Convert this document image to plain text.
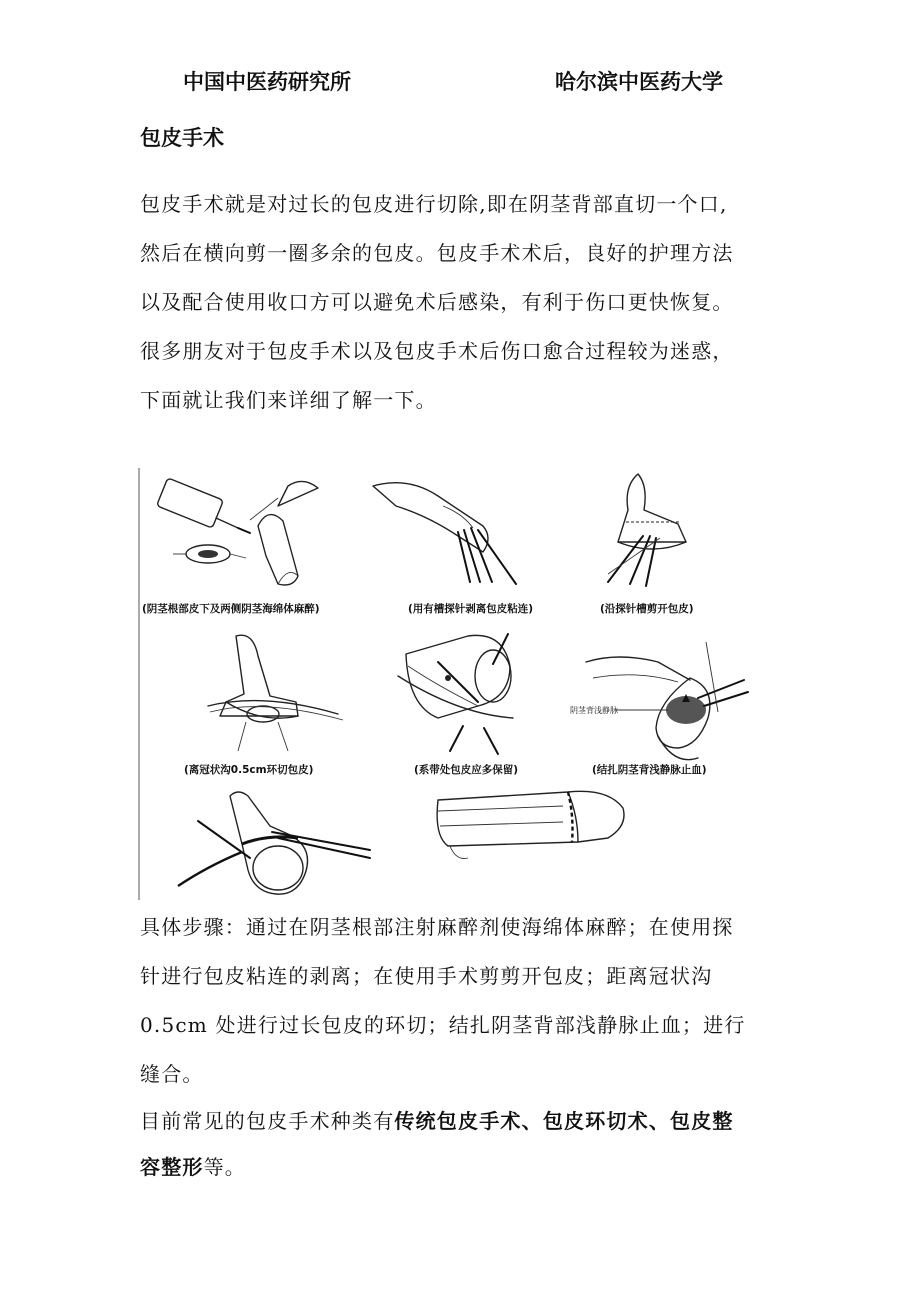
中国中医药研究所	哈尔滨中医药大学
包皮手术

包皮手术就是对过长的包皮进行切除,即在阴茎背部直切一个口,

然后在横向剪一圈多余的包皮。包皮手术术后，良好的护理方法

以及配合使用收口方可以避免术后感染，有利于伤口更快恢复。

很多朋友对于包皮手术以及包皮手术后伤口愈合过程较为迷惑，

下面就让我们来详细了解一下。

阴茎背浅静脉
(阴茎根部皮下及两侧阴茎海绵体麻醉)	(用有槽探针剥离包皮粘连)	(沿探针槽剪开包皮)
(离冠状沟0.5cm环切包皮)	(系带处包皮应多保留)	(结扎阴茎背浅静脉止血)

具体步骤：通过在阴茎根部注射麻醉剂使海绵体麻醉；在使用探

针进行包皮粘连的剥离；在使用手术剪剪开包皮；距离冠状沟

0.5cm 处进行过长包皮的环切；结扎阴茎背部浅静脉止血；进行

缝合。

目前常见的包皮手术种类有传统包皮手术、包皮环切术、包皮整

容整形等。
